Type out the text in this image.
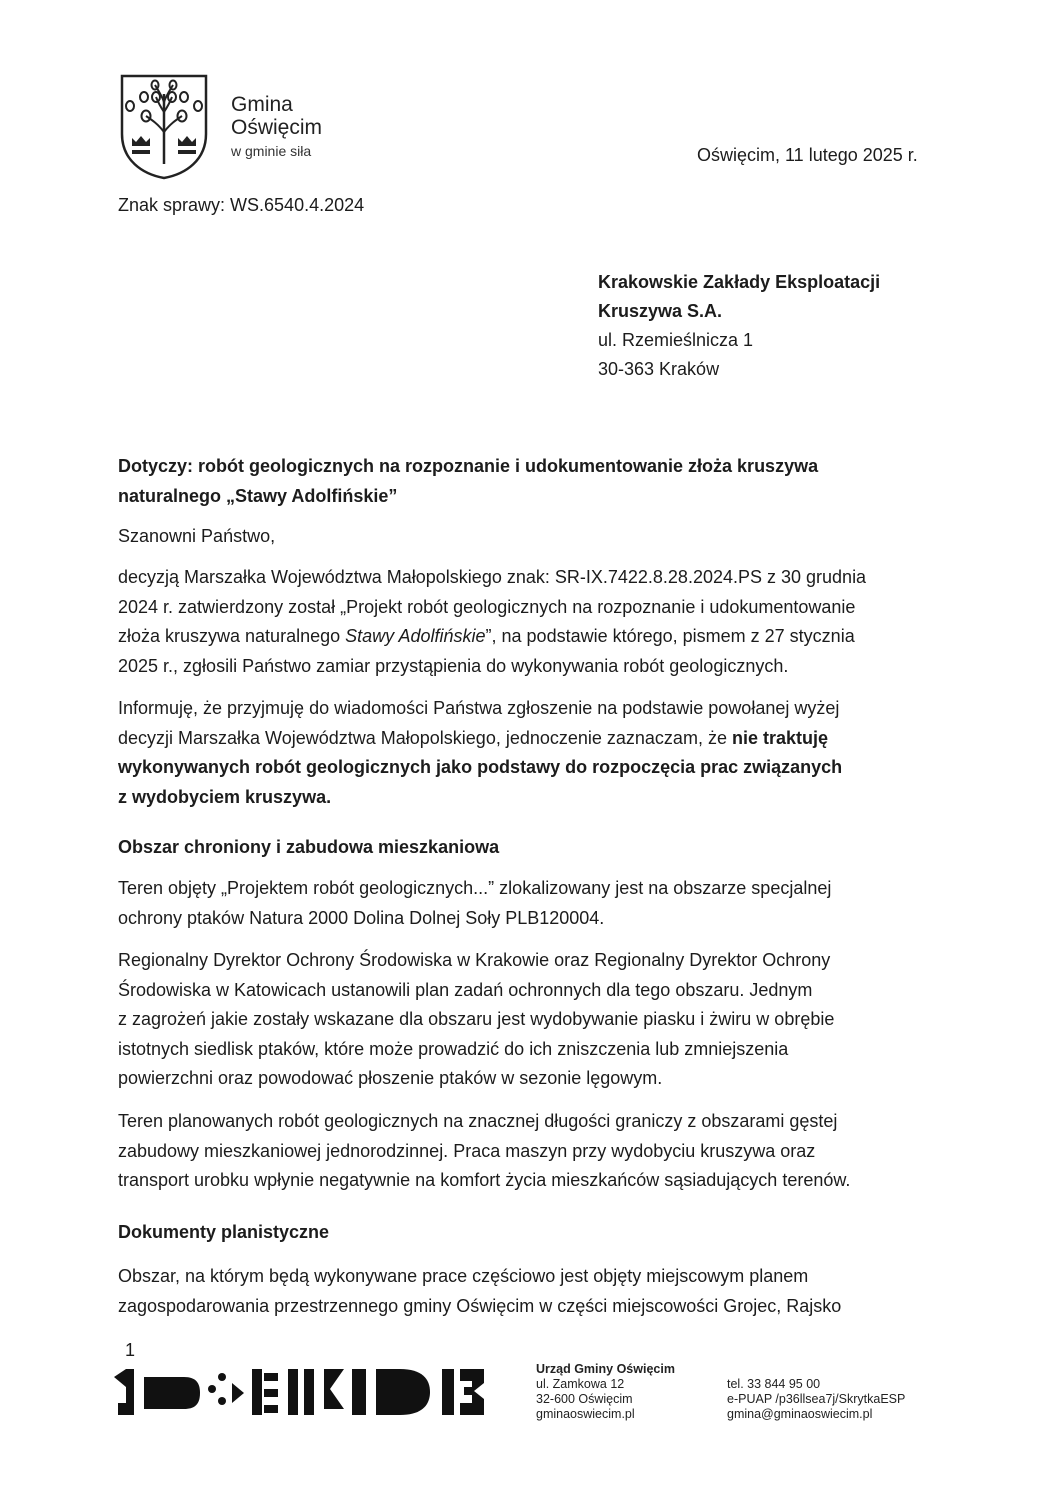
Gmina
Oświęcim
w gminie siła	Oświęcim, 11 lutego 2025 r.
Znak sprawy: WS.6540.4.2024
Krakowskie Zakłady Eksploatacji
Kruszywa S.A.
ul. Rzemieślnicza 1
30-363 Kraków
Dotyczy: robót geologicznych na rozpoznanie i udokumentowanie złoża kruszywa
naturalnego „Stawy Adolfińskie”
Szanowni Państwo,
decyzją Marszałka Województwa Małopolskiego znak: SR-IX.7422.8.28.2024.PS z 30 grudnia
2024 r. zatwierdzony został „Projekt robót geologicznych na rozpoznanie i udokumentowanie
złoża kruszywa naturalnego Stawy Adolfińskie”, na podstawie którego, pismem z 27 stycznia
2025 r., zgłosili Państwo zamiar przystąpienia do wykonywania robót geologicznych.
Informuję, że przyjmuję do wiadomości Państwa zgłoszenie na podstawie powołanej wyżej
decyzji Marszałka Województwa Małopolskiego, jednoczenie zaznaczam, że nie traktuję
wykonywanych robót geologicznych jako podstawy do rozpoczęcia prac związanych
z wydobyciem kruszywa.
Obszar chroniony i zabudowa mieszkaniowa
Teren objęty „Projektem robót geologicznych...” zlokalizowany jest na obszarze specjalnej
ochrony ptaków Natura 2000 Dolina Dolnej Soły PLB120004.
Regionalny Dyrektor Ochrony Środowiska w Krakowie oraz Regionalny Dyrektor Ochrony
Środowiska w Katowicach ustanowili plan zadań ochronnych dla tego obszaru. Jednym
z zagrożeń jakie zostały wskazane dla obszaru jest wydobywanie piasku i żwiru w obrębie
istotnych siedlisk ptaków, które może prowadzić do ich zniszczenia lub zmniejszenia
powierzchni oraz powodować płoszenie ptaków w sezonie lęgowym.
Teren planowanych robót geologicznych na znacznej długości graniczy z obszarami gęstej
zabudowy mieszkaniowej jednorodzinnej. Praca maszyn przy wydobyciu kruszywa oraz
transport urobku wpłynie negatywnie na komfort życia mieszkańców sąsiadujących terenów.
Dokumenty planistyczne
Obszar, na którym będą wykonywane prace częściowo jest objęty miejscowym planem
zagospodarowania przestrzennego gminy Oświęcim w części miejscowości Grojec, Rajsko
1
Urząd Gminy Oświęcim
ul. Zamkowa 12
32-600 Oświęcim
gminaoswiecim.pl
tel. 33 844 95 00
e-PUAP /p36llsea7j/SkrytkaESP
gmina@gminaoswiecim.pl
